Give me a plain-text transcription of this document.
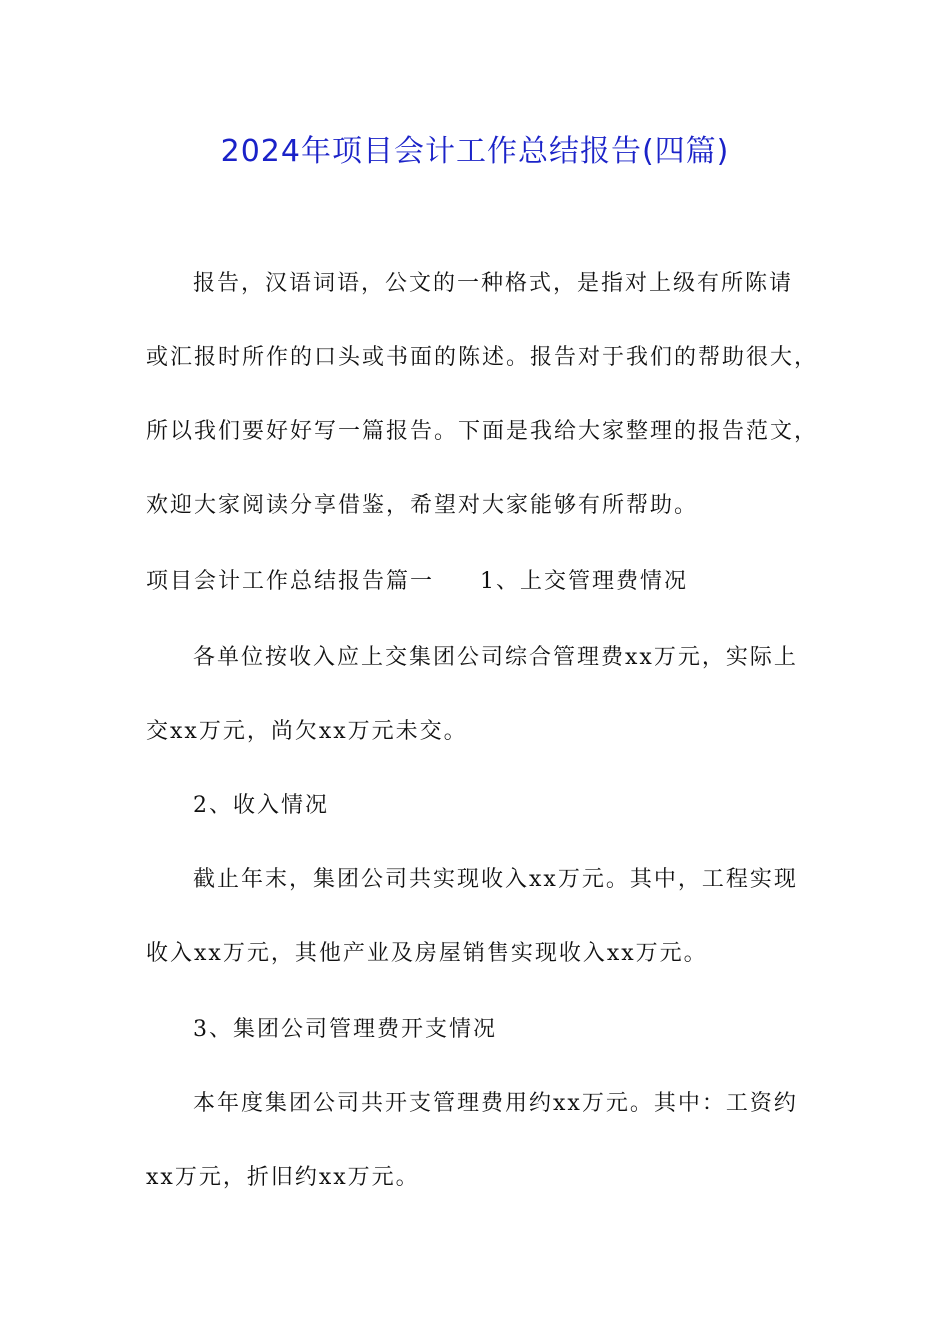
2024年项目会计工作总结报告(四篇)
报告，汉语词语，公文的一种格式，是指对上级有所陈请
或汇报时所作的口头或书面的陈述。报告对于我们的帮助很大，
所以我们要好好写一篇报告。下面是我给大家整理的报告范文，
欢迎大家阅读分享借鉴，希望对大家能够有所帮助。
项目会计工作总结报告篇一 1、上交管理费情况
各单位按收入应上交集团公司综合管理费xx万元，实际上
交xx万元，尚欠xx万元未交。
2、收入情况
截止年末，集团公司共实现收入xx万元。其中，工程实现
收入xx万元，其他产业及房屋销售实现收入xx万元。
3、集团公司管理费开支情况
本年度集团公司共开支管理费用约xx万元。其中：工资约
xx万元，折旧约xx万元。
